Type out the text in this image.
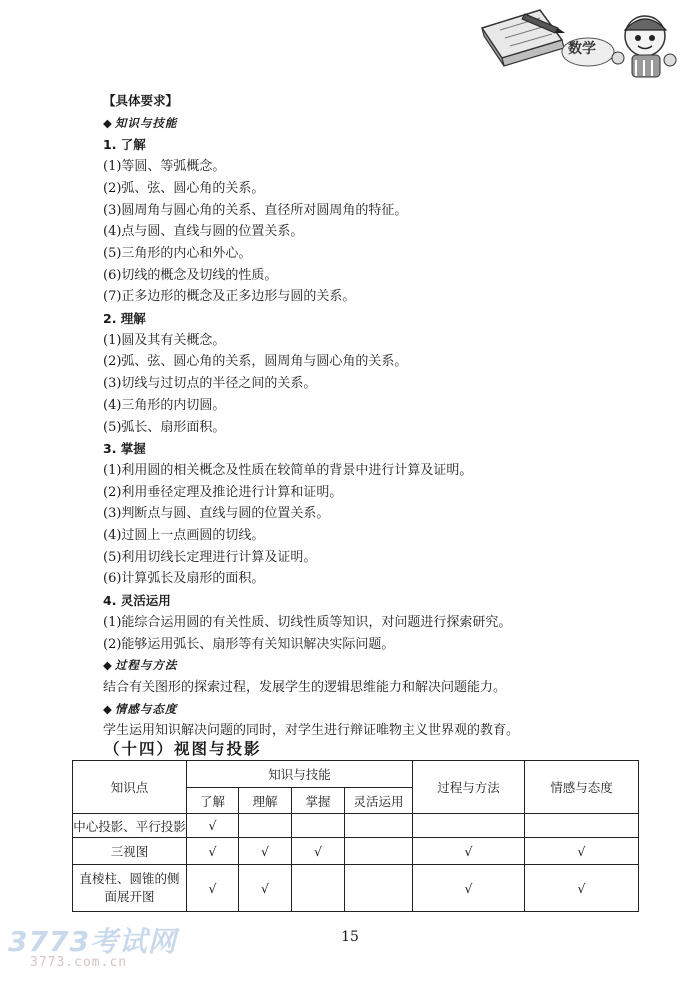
数学
【具体要求】
◆ 知识与技能
1. 了解
(1)等圆、等弧概念。
(2)弧、弦、圆心角的关系。
(3)圆周角与圆心角的关系、直径所对圆周角的特征。
(4)点与圆、直线与圆的位置关系。
(5)三角形的内心和外心。
(6)切线的概念及切线的性质。
(7)正多边形的概念及正多边形与圆的关系。
2. 理解
(1)圆及其有关概念。
(2)弧、弦、圆心角的关系，圆周角与圆心角的关系。
(3)切线与过切点的半径之间的关系。
(4)三角形的内切圆。
(5)弧长、扇形面积。
3. 掌握
(1)利用圆的相关概念及性质在较简单的背景中进行计算及证明。
(2)利用垂径定理及推论进行计算和证明。
(3)判断点与圆、直线与圆的位置关系。
(4)过圆上一点画圆的切线。
(5)利用切线长定理进行计算及证明。
(6)计算弧长及扇形的面积。
4. 灵活运用
(1)能综合运用圆的有关性质、切线性质等知识，对问题进行探索研究。
(2)能够运用弧长、扇形等有关知识解决实际问题。
◆ 过程与方法
结合有关图形的探索过程，发展学生的逻辑思维能力和解决问题能力。
◆ 情感与态度
学生运用知识解决问题的同时，对学生进行辩证唯物主义世界观的教育。
（十四）视图与投影
知识点	知识与技能				过程与方法	情感与态度
	了解	理解	掌握	灵活运用		
中心投影、平行投影	√					
三视图	√	√	√		√	√

直棱柱、圆锥的侧
面展开图	√	√			√	√
3773考试网
3773.com.cn
15
